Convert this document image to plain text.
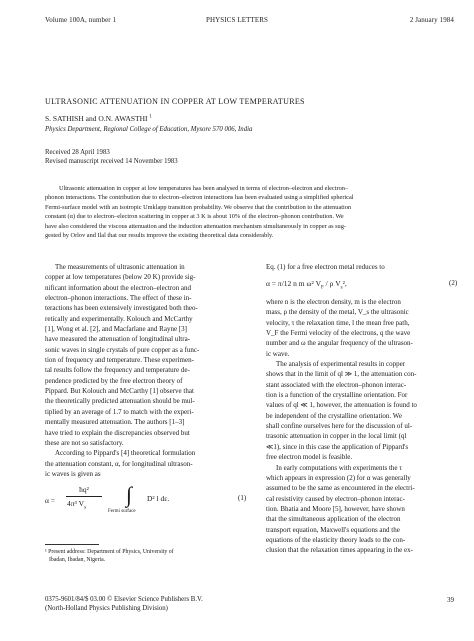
Volume 100A, number 1	PHYSICS LETTERS	2 January 1984
ULTRASONIC ATTENUATION IN COPPER AT LOW TEMPERATURES
S. SATHISH and O.N. AWASTHI $^1$
Physics Department, Regional College of Education, Mysore 570 006, India
Received 28 April 1983
Revised manuscript received 14 November 1983
Ultrasonic attenuation in copper at low temperatures has been analysed in terms of electron–electron and electron–
phonon interactions. The contribution due to electron–electron interactions has been evaluated using a simplified spherical
Fermi-surface model with an isotropic Umklapp transition probability. We observe that the contribution to the attenuation
constant (α) due to electron–electron scattering in copper at 3 K is about 10% of the electron–phonon contribution. We
have also considered the viscous attenuation and the induction attenuation mechanism simultaneously in copper as sug-
gested by Orlov and Ilal that our results improve the existing theoretical data considerably.
The measurements of ultrasonic attenuation in
copper at low temperatures (below 20 K) provide sig-
nificant information about the electron–electron and
electron–phonon interactions. The effect of these in-
teractions has been extensively investigated both theo-
retically and experimentally. Kolouch and McCarthy
[1], Wong et al. [2], and Macfarlane and Rayne [3]
have measured the attenuation of longitudinal ultra-
sonic waves in single crystals of pure copper as a func-
tion of frequency and temperature. These experimen-
tal results follow the frequency and temperature de-
pendence predicted by the free electron theory of
Pippard. But Kolouch and McCarthy [1] observe that
the theoretically predicted attenuation should be mul-
tiplied by an average of 1.7 to match with the experi-
mentally measured attenuation. The authors [1–3]
have tried to explain the discrepancies observed but
these are not so satisfactory.
According to Pippard's [4] theoretical formulation
the attenuation constant, α, for longitudinal ultrason-
ic waves is given as
α =
ħq²
4π³ $V_s$
∫
Fermi surface
D² l dε.	(1)
Eq. (1) for a free electron metal reduces to
α = π/12 n m ω² $V_F$ / ρ $V_s^2$,	(2)
where n is the electron density, m is the electron
mass, ρ the density of the metal, V_s the ultrasonic
velocity, τ the relaxation time, l the mean free path,
V_F the Fermi velocity of the electrons, q the wave
number and ω the angular frequency of the ultrason-
ic wave.
The analysis of experimental results in copper
shows that in the limit of ql ≫ 1, the attenuation con-
stant associated with the electron–phonon interac-
tion is a function of the crystalline orientation. For
values of ql ≪ 1, however, the attenuation is found to
be independent of the crystalline orientation. We
shall confine ourselves here for the discussion of ul-
trasonic attenuation in copper in the local limit (ql
≪1), since in this case the application of Pippard's
free electron model is feasible.
In early computations with experiments the τ
which appears in expression (2) for α was generally
assumed to be the same as encountered in the electri-
cal resistivity caused by electron–phonon interac-
tion. Bhatia and Moore [5], however, have shown
that the simultaneous application of the electron
transport equation, Maxwell's equations and the
equations of the elasticity theory leads to the con-
clusion that the relaxation times appearing in the ex-
¹ Present address: Department of Physics, University of
Ibadan, Ibadan, Nigeria.
0375-9601/84/$ 03.00 © Elsevier Science Publishers B.V.
(North-Holland Physics Publishing Division)
39
